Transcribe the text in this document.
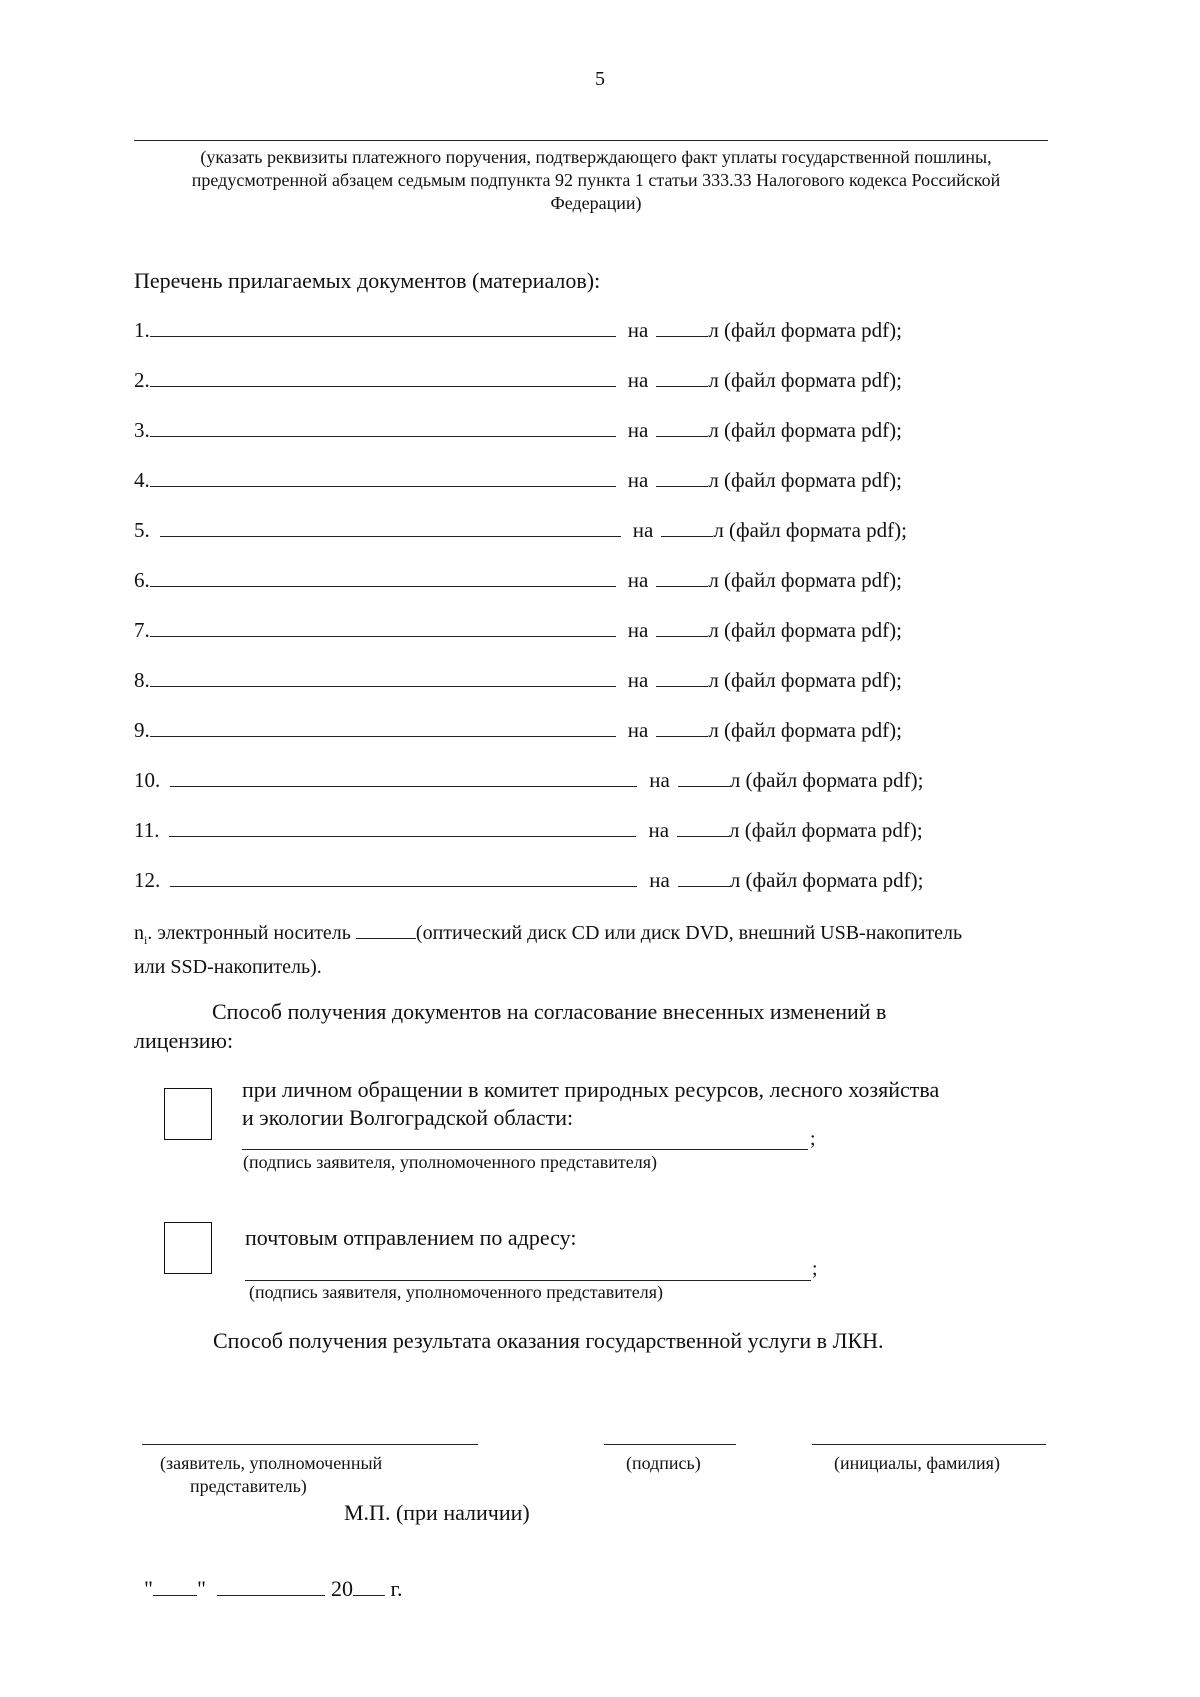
5
(указать реквизиты платежного поручения, подтверждающего факт уплаты государственной пошлины,
предусмотренной абзацем седьмым подпункта 92 пункта 1 статьи 333.33 Налогового кодекса Российской
Федерации)
Перечень прилагаемых документов (материалов):
1.	на	л (файл формата pdf);
2.	на	л (файл формата pdf);
3.	на	л (файл формата pdf);
4.	на	л (файл формата pdf);
5.	на	л (файл формата pdf);
6.	на	л (файл формата pdf);
7.	на	л (файл формата pdf);
8.	на	л (файл формата pdf);
9.	на	л (файл формата pdf);
10.	на	л (файл формата pdf);
11.	на	л (файл формата pdf);
12.	на	л (файл формата pdf);
$n_i$. электронный носитель	(оптический диск CD или диск DVD, внешний USB-накопитель
или SSD-накопитель).
Способ получения документов на согласование внесенных изменений в
лицензию:
при личном обращении в комитет природных ресурсов, лесного хозяйства
и экологии Волгоградской области:
;
(подпись заявителя, уполномоченного представителя)
почтовым отправлением по адресу:
;
(подпись заявителя, уполномоченного представителя)
Способ получения результата оказания государственной услуги в ЛКН.
(заявитель, уполномоченный
представитель)
(подпись)	(инициалы, фамилия)
М.П. (при наличии)
" "	20 г.
